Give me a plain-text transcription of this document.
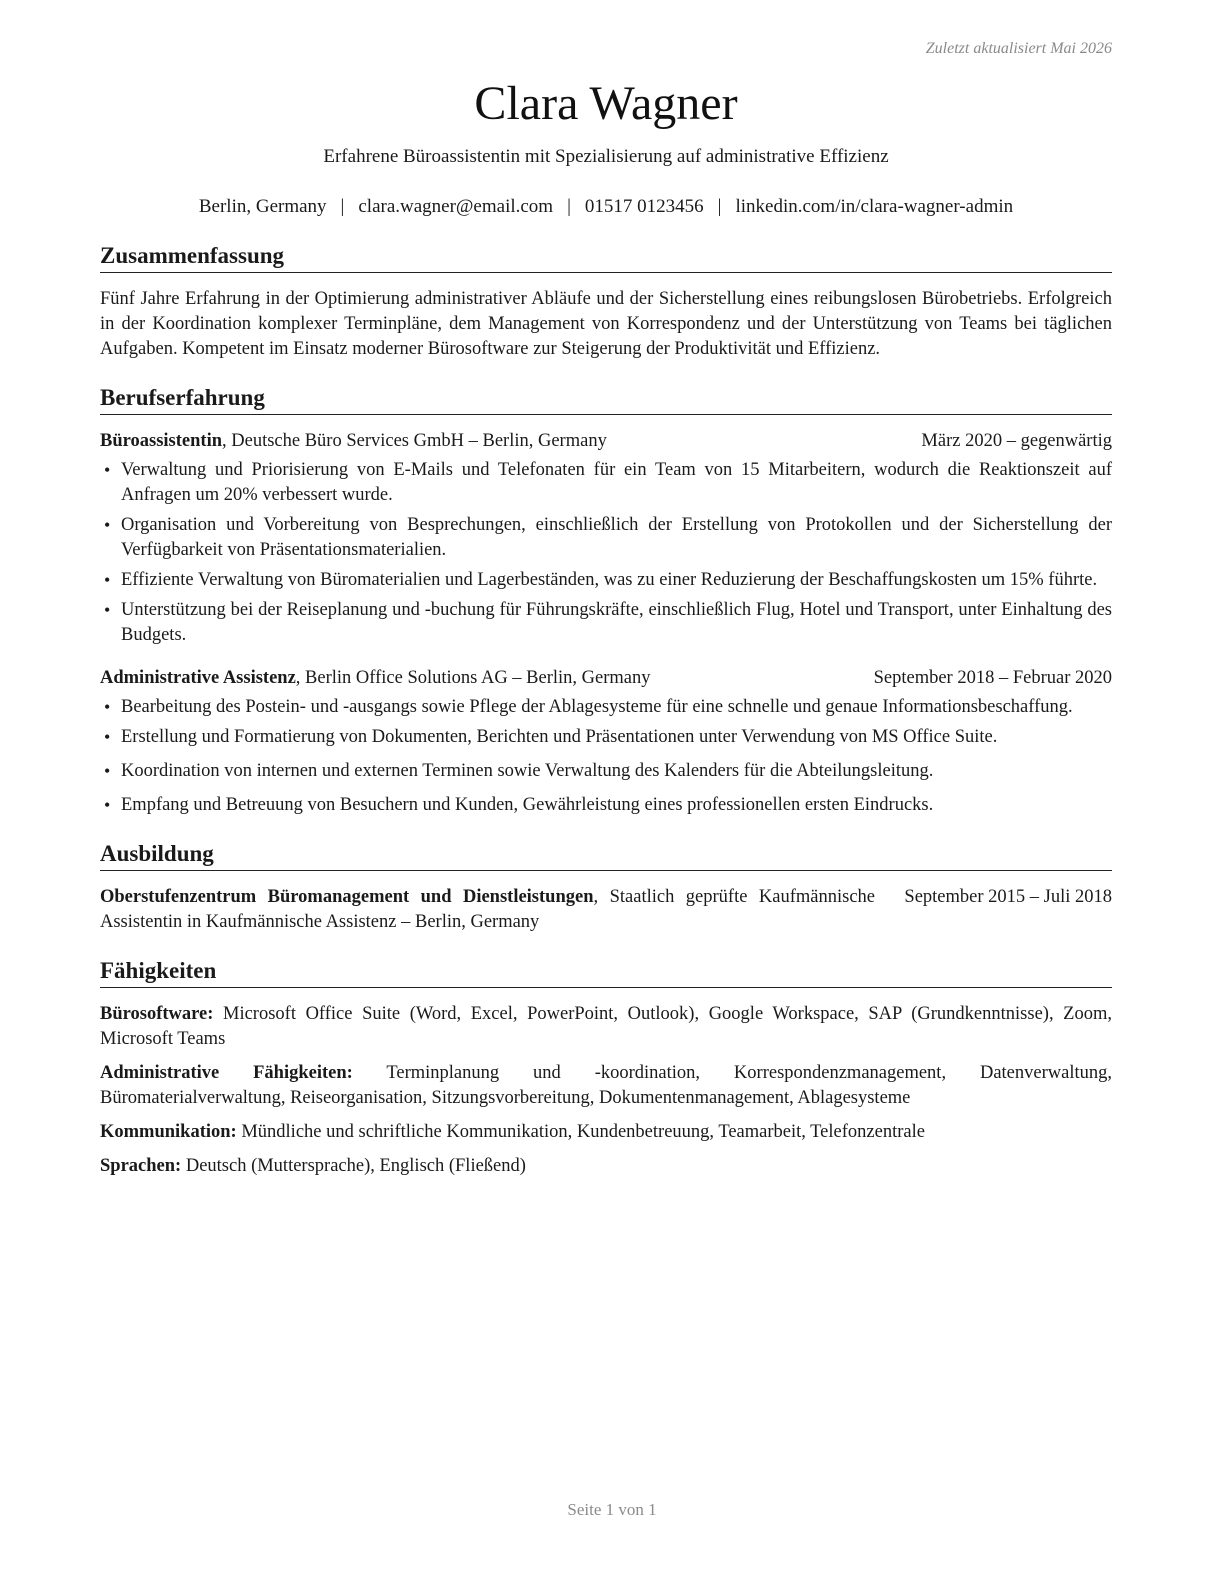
Zuletzt aktualisiert Mai 2026
Clara Wagner
Erfahrene Büroassistentin mit Spezialisierung auf administrative Effizienz
Berlin, Germany | clara.wagner@email.com | 01517 0123456 | linkedin.com/in/clara-wagner-admin
Zusammenfassung
Fünf Jahre Erfahrung in der Optimierung administrativer Abläufe und der Sicherstellung eines reibungslosen Bürobetriebs. Erfolgreich in der Koordination komplexer Terminpläne, dem Management von Korrespondenz und der Unterstützung von Teams bei täglichen Aufgaben. Kompetent im Einsatz moderner Bürosoftware zur Steigerung der Produktivität und Effizienz.
Berufserfahrung
Büroassistentin, Deutsche Büro Services GmbH – Berlin, Germany	März 2020 – gegenwärtig
• Verwaltung und Priorisierung von E-Mails und Telefonaten für ein Team von 15 Mitarbeitern, wodurch die Reaktionszeit auf Anfragen um 20% verbessert wurde.
• Organisation und Vorbereitung von Besprechungen, einschließlich der Erstellung von Protokollen und der Sicherstellung der Verfügbarkeit von Präsentationsmaterialien.
• Effiziente Verwaltung von Büromaterialien und Lagerbeständen, was zu einer Reduzierung der Beschaffungskosten um 15% führte.
• Unterstützung bei der Reiseplanung und -buchung für Führungskräfte, einschließlich Flug, Hotel und Transport, unter Einhaltung des Budgets.
Administrative Assistenz, Berlin Office Solutions AG – Berlin, Germany	September 2018 – Februar 2020
• Bearbeitung des Postein- und -ausgangs sowie Pflege der Ablagesysteme für eine schnelle und genaue Informationsbeschaffung.
• Erstellung und Formatierung von Dokumenten, Berichten und Präsentationen unter Verwendung von MS Office Suite.
• Koordination von internen und externen Terminen sowie Verwaltung des Kalenders für die Abteilungsleitung.
• Empfang und Betreuung von Besuchern und Kunden, Gewährleistung eines professionellen ersten Eindrucks.
Ausbildung
Oberstufenzentrum Büromanagement und Dienstleistungen, Staatlich geprüfte Kaufmännische Assistentin in Kaufmännische Assistenz – Berlin, Germany
September 2015 – Juli 2018
Fähigkeiten
Bürosoftware: Microsoft Office Suite (Word, Excel, PowerPoint, Outlook), Google Workspace, SAP (Grundkenntnisse), Zoom, Microsoft Teams
Administrative Fähigkeiten: Terminplanung und -koordination, Korrespondenzmanagement, Datenverwaltung, Büromaterialverwaltung, Reiseorganisation, Sitzungsvorbereitung, Dokumentenmanagement, Ablagesysteme
Kommunikation: Mündliche und schriftliche Kommunikation, Kundenbetreuung, Teamarbeit, Telefonzentrale
Sprachen: Deutsch (Muttersprache), Englisch (Fließend)
Seite 1 von 1
